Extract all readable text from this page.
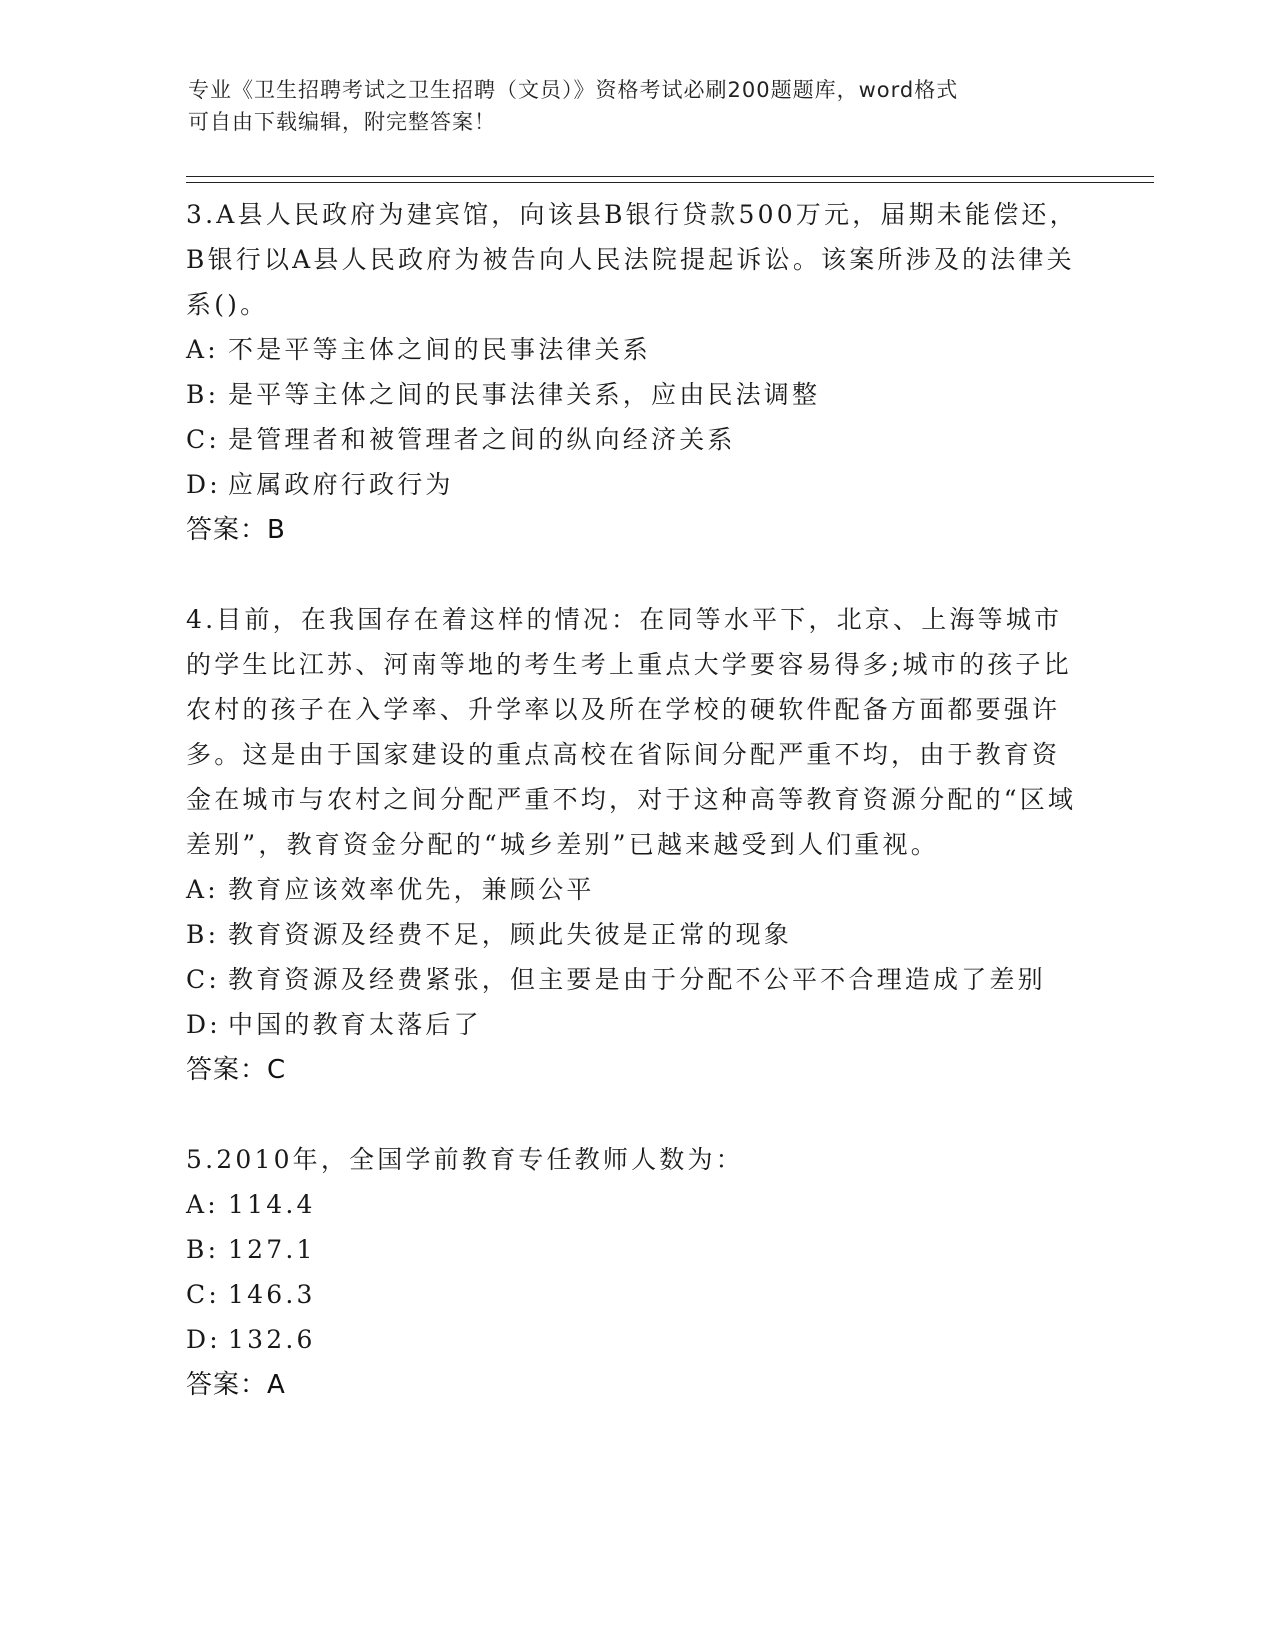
专业《卫生招聘考试之卫生招聘（文员）》资格考试必刷200题题库，word格式
可自由下载编辑，附完整答案！

3.A县人民政府为建宾馆，向该县B银行贷款500万元，届期未能偿还，B银行以A县人民政府为被告向人民法院提起诉讼。该案所涉及的法律关系()。

A: 不是平等主体之间的民事法律关系

B: 是平等主体之间的民事法律关系，应由民法调整

C: 是管理者和被管理者之间的纵向经济关系

D: 应属政府行政行为

答案：B

4.目前，在我国存在着这样的情况：在同等水平下，北京、上海等城市的学生比江苏、河南等地的考生考上重点大学要容易得多;城市的孩子比农村的孩子在入学率、升学率以及所在学校的硬软件配备方面都要强许多。这是由于国家建设的重点高校在省际间分配严重不均，由于教育资金在城市与农村之间分配严重不均，对于这种高等教育资源分配的“区域差别”，教育资金分配的“城乡差别”已越来越受到人们重视。

A: 教育应该效率优先，兼顾公平

B: 教育资源及经费不足，顾此失彼是正常的现象

C: 教育资源及经费紧张，但主要是由于分配不公平不合理造成了差别

D: 中国的教育太落后了

答案：C

5.2010年，全国学前教育专任教师人数为：

A: 114.4

B: 127.1

C: 146.3

D: 132.6

答案：A
